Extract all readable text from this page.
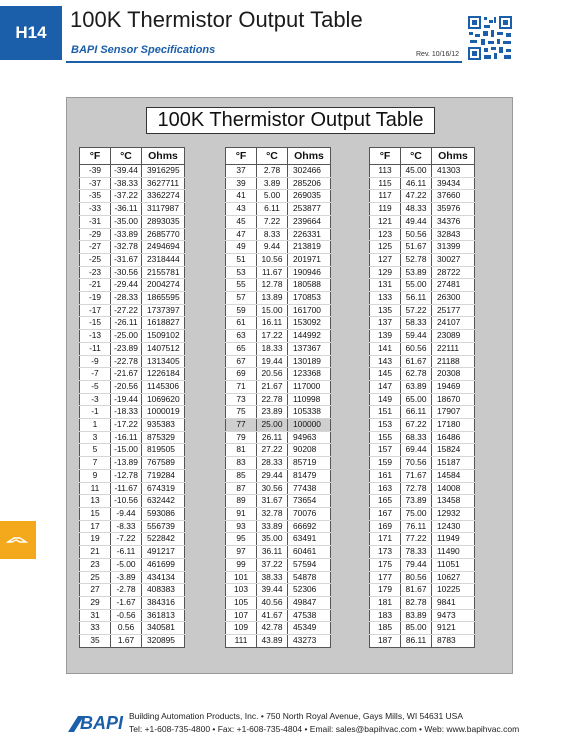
H14
100K Thermistor Output Table
BAPI Sensor Specifications	Rev. 10/16/12
100K Thermistor Output Table
°F	°C	Ohms
-39	-39.44	3916295
-37	-38.33	3627711
-35	-37.22	3362274
-33	-36.11	3117987
-31	-35.00	2893035
-29	-33.89	2685770
-27	-32.78	2494694
-25	-31.67	2318444
-23	-30.56	2155781
-21	-29.44	2004274
-19	-28.33	1865595
-17	-27.22	1737397
-15	-26.11	1618827
-13	-25.00	1509102
-11	-23.89	1407512
-9	-22.78	1313405
-7	-21.67	1226184
-5	-20.56	1145306
-3	-19.44	1069620
-1	-18.33	1000019
1	-17.22	935383
3	-16.11	875329
5	-15.00	819505
7	-13.89	767589
9	-12.78	719284
11	-11.67	674319
13	-10.56	632442
15	-9.44	593086
17	-8.33	556739
19	-7.22	522842
21	-6.11	491217
23	-5.00	461699
25	-3.89	434134
27	-2.78	408383
29	-1.67	384316
31	-0.56	361813
33	0.56	340581
35	1.67	320895
°F	°C	Ohms
37	2.78	302466
39	3.89	285206
41	5.00	269035
43	6.11	253877
45	7.22	239664
47	8.33	226331
49	9.44	213819
51	10.56	201971
53	11.67	190946
55	12.78	180588
57	13.89	170853
59	15.00	161700
61	16.11	153092
63	17.22	144992
65	18.33	137367
67	19.44	130189
69	20.56	123368
71	21.67	117000
73	22.78	110998
75	23.89	105338
77	25.00	100000
79	26.11	94963
81	27.22	90208
83	28.33	85719
85	29.44	81479
87	30.56	77438
89	31.67	73654
91	32.78	70076
93	33.89	66692
95	35.00	63491
97	36.11	60461
99	37.22	57594
101	38.33	54878
103	39.44	52306
105	40.56	49847
107	41.67	47538
109	42.78	45349
111	43.89	43273
°F	°C	Ohms
113	45.00	41303
115	46.11	39434
117	47.22	37660
119	48.33	35976
121	49.44	34376
123	50.56	32843
125	51.67	31399
127	52.78	30027
129	53.89	28722
131	55.00	27481
133	56.11	26300
135	57.22	25177
137	58.33	24107
139	59.44	23089
141	60.56	22111
143	61.67	21188
145	62.78	20308
147	63.89	19469
149	65.00	18670
151	66.11	17907
153	67.22	17180
155	68.33	16486
157	69.44	15824
159	70.56	15187
161	71.67	14584
163	72.78	14008
165	73.89	13458
167	75.00	12932
169	76.11	12430
171	77.22	11949
173	78.33	11490
175	79.44	11051
177	80.56	10627
179	81.67	10225
181	82.78	9841
183	83.89	9473
185	85.00	9121
187	86.11	8783
BAPI Building Automation Products, Inc. • 750 North Royal Avenue, Gays Mills, WI 54631 USA
Tel: +1-608-735-4800 • Fax: +1-608-735-4804 • Email: sales@bapihvac.com • Web: www.bapihvac.com
